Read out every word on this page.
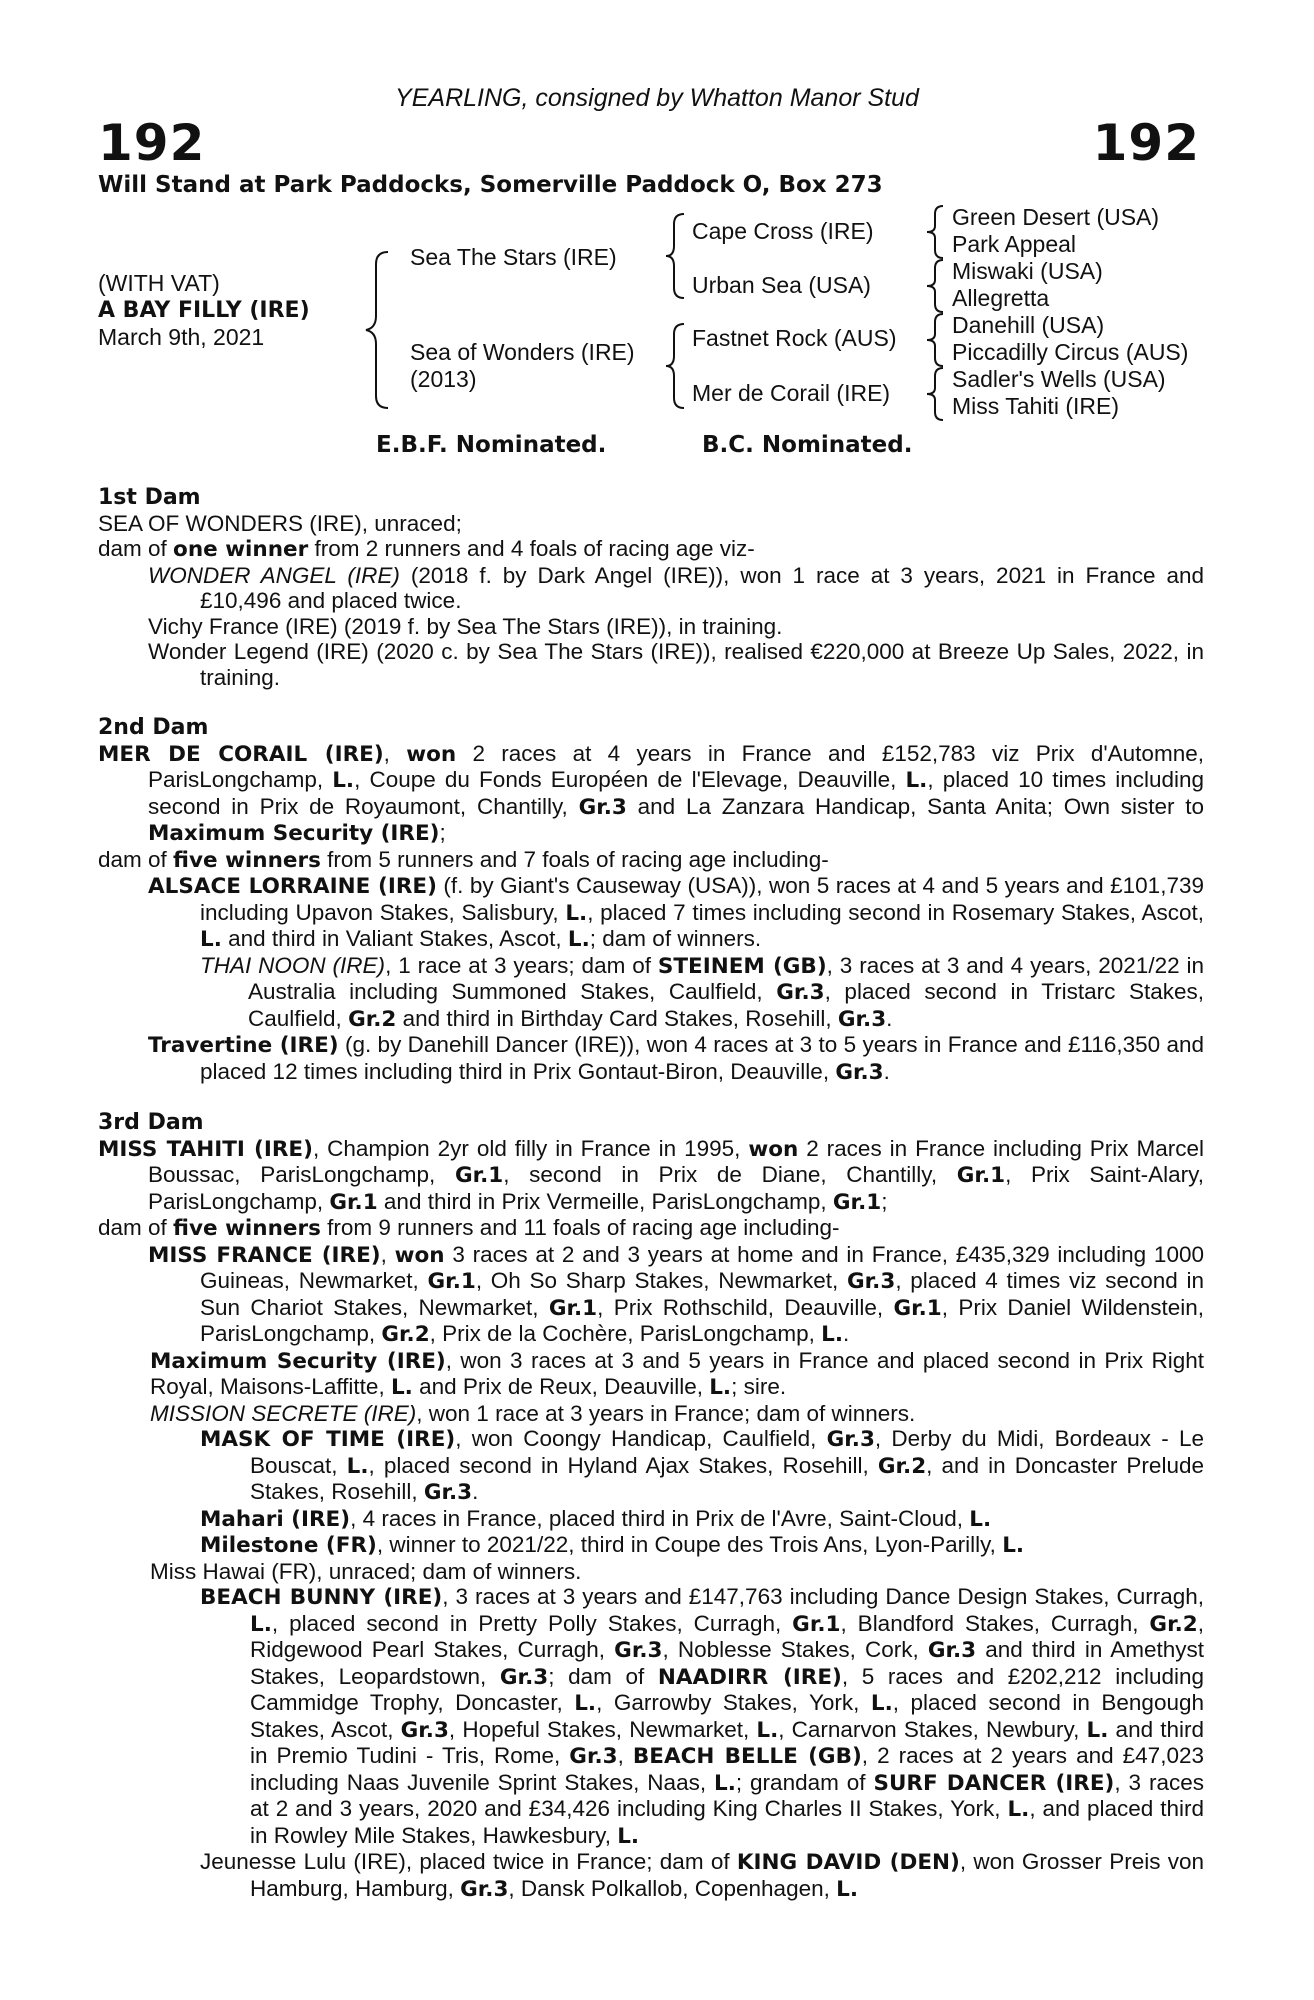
YEARLING, consigned by Whatton Manor Stud
192	192
Will Stand at Park Paddocks, Somerville Paddock O, Box 273
(WITH VAT)
A BAY FILLY (IRE)
March 9th, 2021
Sea The Stars (IRE)
Sea of Wonders (IRE)
(2013)
Cape Cross (IRE)
Urban Sea (USA)
Fastnet Rock (AUS)
Mer de Corail (IRE)
Green Desert (USA)
Park Appeal
Miswaki (USA)
Allegretta
Danehill (USA)
Piccadilly Circus (AUS)
Sadler's Wells (USA)
Miss Tahiti (IRE)
E.B.F. Nominated.	B.C. Nominated.

1st Dam

SEA OF WONDERS (IRE), unraced;

dam of one winner from 2 runners and 4 foals of racing age viz-

WONDER ANGEL (IRE) (2018 f. by Dark Angel (IRE)), won 1 race at 3 years, 2021 in France and £10,496 and placed twice.

Vichy France (IRE) (2019 f. by Sea The Stars (IRE)), in training.

Wonder Legend (IRE) (2020 c. by Sea The Stars (IRE)), realised €220,000 at Breeze Up Sales, 2022, in training.

2nd Dam

MER DE CORAIL (IRE), won 2 races at 4 years in France and £152,783 viz Prix d'Automne, ParisLongchamp, L., Coupe du Fonds Européen de l'Elevage, Deauville, L., placed 10 times including second in Prix de Royaumont, Chantilly, Gr.3 and La Zanzara Handicap, Santa Anita; Own sister to Maximum Security (IRE);

dam of five winners from 5 runners and 7 foals of racing age including-

ALSACE LORRAINE (IRE) (f. by Giant's Causeway (USA)), won 5 races at 4 and 5 years and £101,739 including Upavon Stakes, Salisbury, L., placed 7 times including second in Rosemary Stakes, Ascot, L. and third in Valiant Stakes, Ascot, L.; dam of winners.

THAI NOON (IRE), 1 race at 3 years; dam of STEINEM (GB), 3 races at 3 and 4 years, 2021/22 in Australia including Summoned Stakes, Caulfield, Gr.3, placed second in Tristarc Stakes, Caulfield, Gr.2 and third in Birthday Card Stakes, Rosehill, Gr.3.

Travertine (IRE) (g. by Danehill Dancer (IRE)), won 4 races at 3 to 5 years in France and £116,350 and placed 12 times including third in Prix Gontaut-Biron, Deauville, Gr.3.

3rd Dam

MISS TAHITI (IRE), Champion 2yr old filly in France in 1995, won 2 races in France including Prix Marcel Boussac, ParisLongchamp, Gr.1, second in Prix de Diane, Chantilly, Gr.1, Prix Saint-Alary, ParisLongchamp, Gr.1 and third in Prix Vermeille, ParisLongchamp, Gr.1;

dam of five winners from 9 runners and 11 foals of racing age including-

MISS FRANCE (IRE), won 3 races at 2 and 3 years at home and in France, £435,329 including 1000 Guineas, Newmarket, Gr.1, Oh So Sharp Stakes, Newmarket, Gr.3, placed 4 times viz second in Sun Chariot Stakes, Newmarket, Gr.1, Prix Rothschild, Deauville, Gr.1, Prix Daniel Wildenstein, ParisLongchamp, Gr.2, Prix de la Cochère, ParisLongchamp, L..

Maximum Security (IRE), won 3 races at 3 and 5 years in France and placed second in Prix Right Royal, Maisons-Laffitte, L. and Prix de Reux, Deauville, L.; sire.

MISSION SECRETE (IRE), won 1 race at 3 years in France; dam of winners.

MASK OF TIME (IRE), won Coongy Handicap, Caulfield, Gr.3, Derby du Midi, Bordeaux - Le Bouscat, L., placed second in Hyland Ajax Stakes, Rosehill, Gr.2, and in Doncaster Prelude Stakes, Rosehill, Gr.3.

Mahari (IRE), 4 races in France, placed third in Prix de l'Avre, Saint-Cloud, L.

Milestone (FR), winner to 2021/22, third in Coupe des Trois Ans, Lyon-Parilly, L.

Miss Hawai (FR), unraced; dam of winners.

BEACH BUNNY (IRE), 3 races at 3 years and £147,763 including Dance Design Stakes, Curragh, L., placed second in Pretty Polly Stakes, Curragh, Gr.1, Blandford Stakes, Curragh, Gr.2, Ridgewood Pearl Stakes, Curragh, Gr.3, Noblesse Stakes, Cork, Gr.3 and third in Amethyst Stakes, Leopardstown, Gr.3; dam of NAADIRR (IRE), 5 races and £202,212 including Cammidge Trophy, Doncaster, L., Garrowby Stakes, York, L., placed second in Bengough Stakes, Ascot, Gr.3, Hopeful Stakes, Newmarket, L., Carnarvon Stakes, Newbury, L. and third in Premio Tudini - Tris, Rome, Gr.3, BEACH BELLE (GB), 2 races at 2 years and £47,023 including Naas Juvenile Sprint Stakes, Naas, L.; grandam of SURF DANCER (IRE), 3 races at 2 and 3 years, 2020 and £34,426 including King Charles II Stakes, York, L., and placed third in Rowley Mile Stakes, Hawkesbury, L.

Jeunesse Lulu (IRE), placed twice in France; dam of KING DAVID (DEN), won Grosser Preis von Hamburg, Hamburg, Gr.3, Dansk Polkallob, Copenhagen, L.
